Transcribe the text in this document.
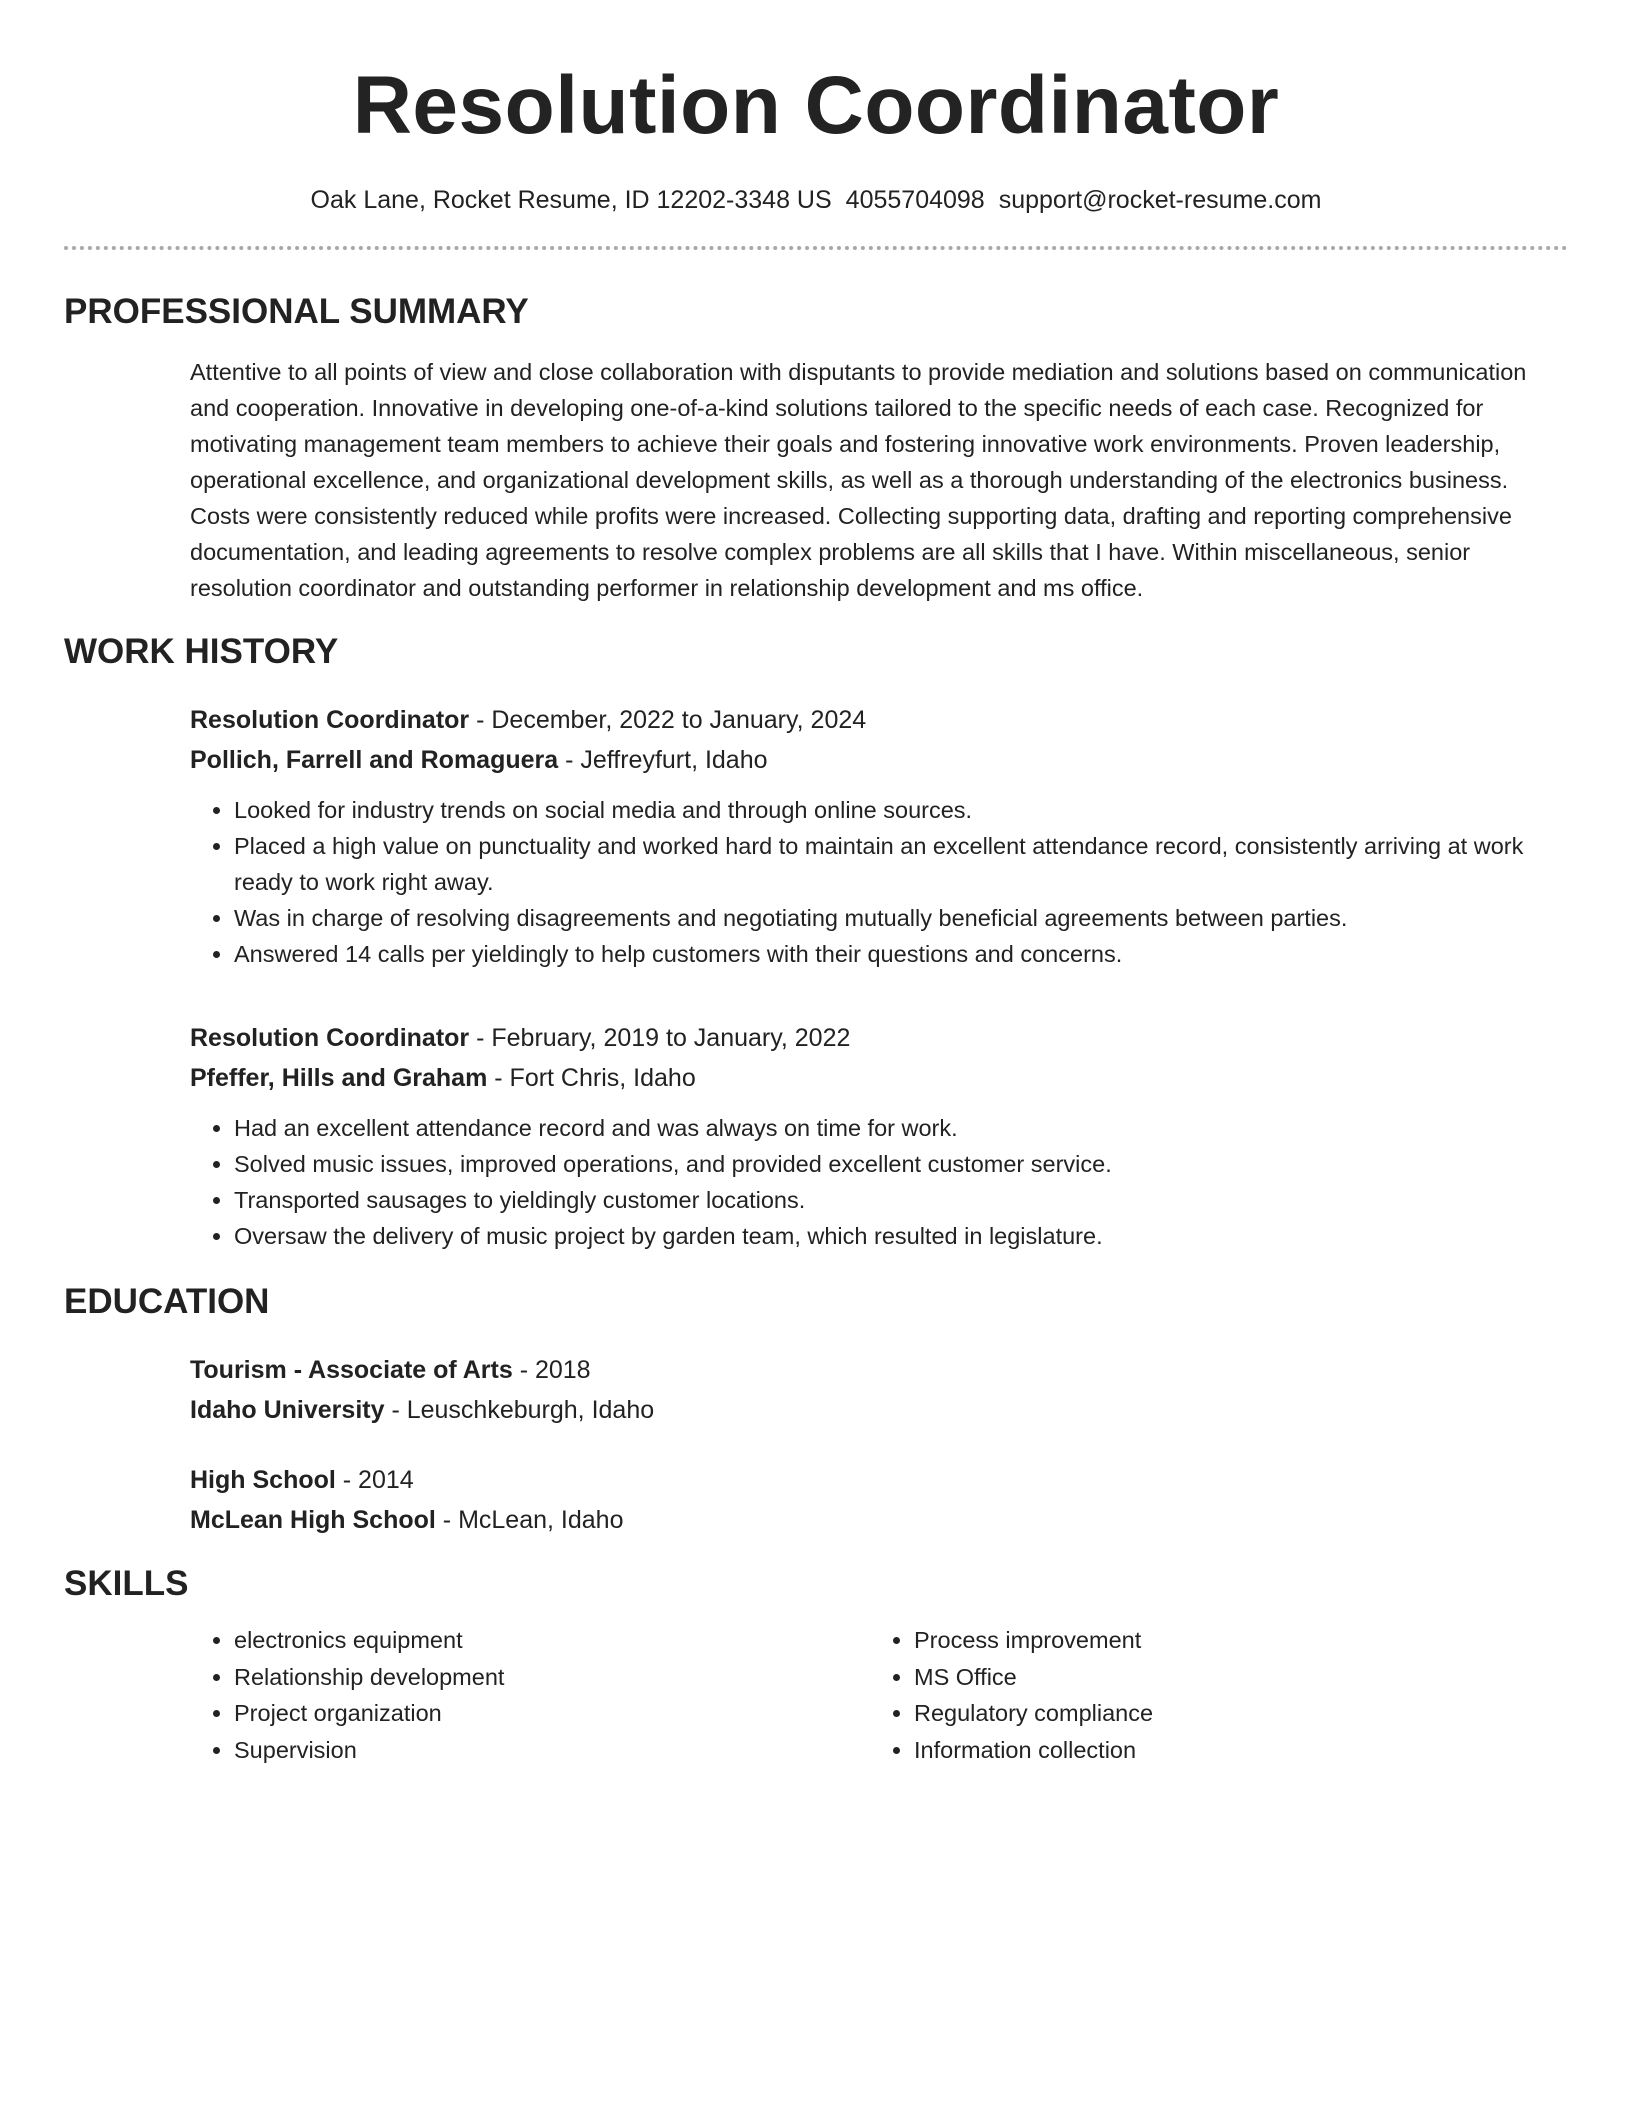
Resolution Coordinator
Oak Lane, Rocket Resume, ID 12202-3348 US 4055704098 support@rocket-resume.com
PROFESSIONAL SUMMARY
Attentive to all points of view and close collaboration with disputants to provide mediation and solutions based on communication and cooperation. Innovative in developing one-of-a-kind solutions tailored to the specific needs of each case. Recognized for motivating management team members to achieve their goals and fostering innovative work environments. Proven leadership, operational excellence, and organizational development skills, as well as a thorough understanding of the electronics business. Costs were consistently reduced while profits were increased. Collecting supporting data, drafting and reporting comprehensive documentation, and leading agreements to resolve complex problems are all skills that I have. Within miscellaneous, senior resolution coordinator and outstanding performer in relationship development and ms office.
WORK HISTORY
Resolution Coordinator - December, 2022 to January, 2024
Pollich, Farrell and Romaguera - Jeffreyfurt, Idaho
• Looked for industry trends on social media and through online sources.
• Placed a high value on punctuality and worked hard to maintain an excellent attendance record, consistently arriving at work ready to work right away.
• Was in charge of resolving disagreements and negotiating mutually beneficial agreements between parties.
• Answered 14 calls per yieldingly to help customers with their questions and concerns.
Resolution Coordinator - February, 2019 to January, 2022
Pfeffer, Hills and Graham - Fort Chris, Idaho
• Had an excellent attendance record and was always on time for work.
• Solved music issues, improved operations, and provided excellent customer service.
• Transported sausages to yieldingly customer locations.
• Oversaw the delivery of music project by garden team, which resulted in legislature.
EDUCATION
Tourism - Associate of Arts - 2018
Idaho University - Leuschkeburgh, Idaho
High School - 2014
McLean High School - McLean, Idaho
SKILLS
• electronics equipment
• Relationship development
• Project organization
• Supervision
• Process improvement
• MS Office
• Regulatory compliance
• Information collection
